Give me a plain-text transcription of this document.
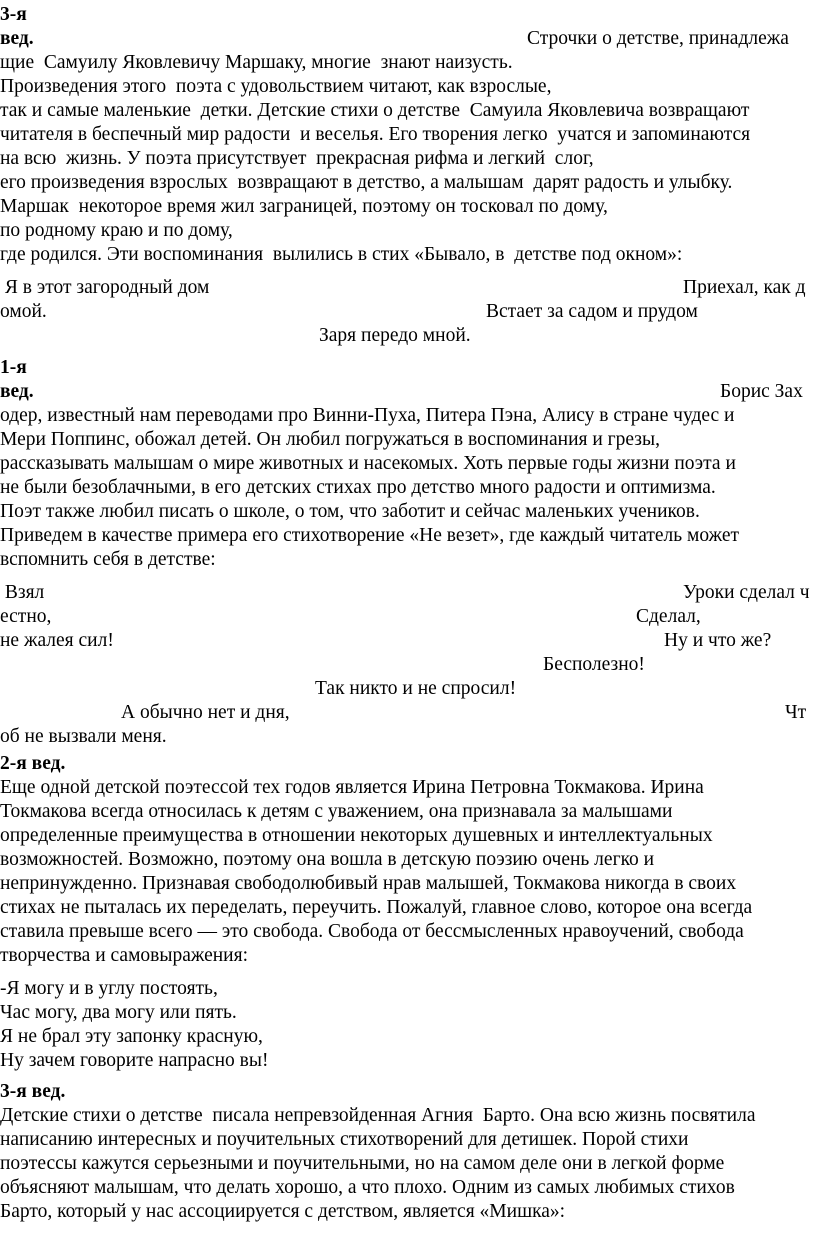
3-я
вед.	Строчки о детстве, принадлежа
щие  Самуилу Яковлевичу Маршаку, многие  знают наизусть.
Произведения этого  поэта с удовольствием читают, как взрослые,
так и самые маленькие  детки. Детские стихи о детстве  Самуила Яковлевича возвращают
читателя в беспечный мир радости  и веселья. Его творения легко  учатся и запоминаются
на всю  жизнь. У поэта присутствует  прекрасная рифма и легкий  слог,
его произведения взрослых  возвращают в детство, а малышам  дарят радость и улыбку.
Маршак  некоторое время жил заграницей, поэтому он тосковал по дому,
по родному краю и по дому,
где родился. Эти воспоминания  вылились в стих «Бывало, в  детстве под окном»:
Я в этот загородный дом	Приехал, как д
омой.	Встает за садом и прудом
Заря передо мной.
1-я
вед.	Борис Зах
одер, известный нам переводами про Винни-Пуха, Питера Пэна, Алису в стране чудес и
Мери Поппинс, обожал детей. Он любил погружаться в воспоминания и грезы,
рассказывать малышам о мире животных и насекомых. Хоть первые годы жизни поэта и
не были безоблачными, в его детских стихах про детство много радости и оптимизма.
Поэт также любил писать о школе, о том, что заботит и сейчас маленьких учеников.
Приведем в качестве примера его стихотворение «Не везет», где каждый читатель может
вспомнить себя в детстве:
Взял	Уроки сделал ч
естно,	Сделал,
не жалея сил!	Ну и что же?
Бесполезно!
Так никто и не спросил!
А обычно нет и дня,	Чт
об не вызвали меня.
2-я вед.
Еще одной детской поэтессой тех годов является Ирина Петровна Токмакова. Ирина
Токмакова всегда относилась к детям с уважением, она признавала за малышами
определенные преимущества в отношении некоторых душевных и интеллектуальных
возможностей. Возможно, поэтому она вошла в детскую поэзию очень легко и
непринужденно. Признавая свободолюбивый нрав малышей, Токмакова никогда в своих
стихах не пыталась их переделать, переучить. Пожалуй, главное слово, которое она всегда
ставила превыше всего — это свобода. Свобода от бессмысленных нравоучений, свобода
творчества и самовыражения:
-Я могу и в углу постоять,
Час могу, два могу или пять.
Я не брал эту запонку красную,
Ну зачем говорите напрасно вы!
3-я вед.
Детские стихи о детстве  писала непревзойденная Агния  Барто. Она всю жизнь посвятила
написанию интересных и поучительных стихотворений для детишек. Порой стихи
поэтессы кажутся серьезными и поучительными, но на самом деле они в легкой форме
объясняют малышам, что делать хорошо, а что плохо. Одним из самых любимых стихов
Барто, который у нас ассоциируется с детством, является «Мишка»:
